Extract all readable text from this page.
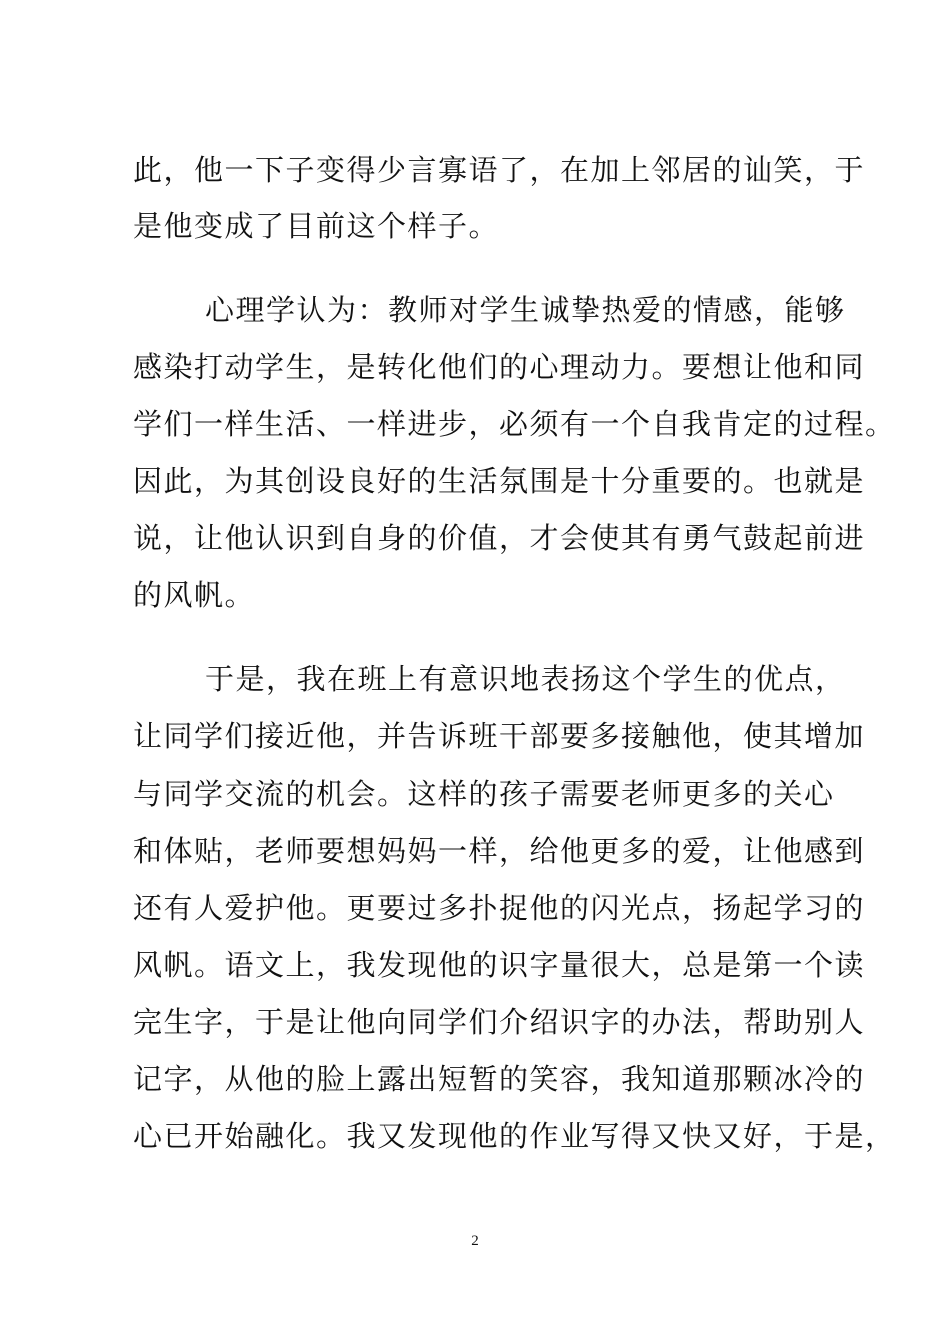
此，他一下子变得少言寡语了，在加上邻居的讪笑，于
是他变成了目前这个样子。
心理学认为：教师对学生诚挚热爱的情感，能够
感染打动学生，是转化他们的心理动力。要想让他和同
学们一样生活、一样进步，必须有一个自我肯定的过程。
因此，为其创设良好的生活氛围是十分重要的。也就是
说，让他认识到自身的价值，才会使其有勇气鼓起前进
的风帆。
于是，我在班上有意识地表扬这个学生的优点，
让同学们接近他，并告诉班干部要多接触他，使其增加
与同学交流的机会。这样的孩子需要老师更多的关心
和体贴，老师要想妈妈一样，给他更多的爱，让他感到
还有人爱护他。更要过多扑捉他的闪光点，扬起学习的
风帆。语文上，我发现他的识字量很大，总是第一个读
完生字，于是让他向同学们介绍识字的办法，帮助别人
记字，从他的脸上露出短暂的笑容，我知道那颗冰冷的
心已开始融化。我又发现他的作业写得又快又好，于是，
2
